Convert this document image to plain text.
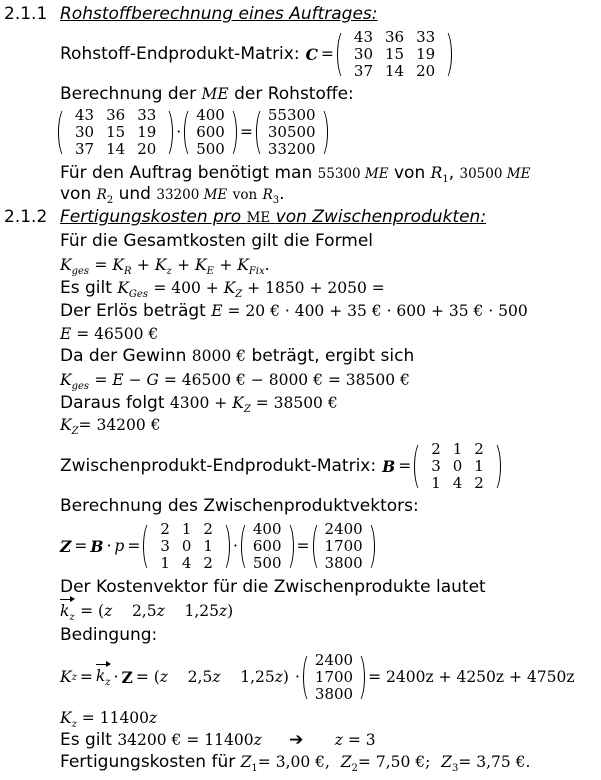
2.1.1 Rohstoffberechnung eines Auftrages:
Rohstoff-Endprodukt-Matrix: C =
43 36 33
30 15 19
37 14 20
Berechnung der ME der Rohstoffe:
43 36 33
30 15 19
37 14 20
·
400
600
500
=
55300
30500
33200
Für den Auftrag benötigt man 55300 ME von $R_1$, 30500 ME
von $R_2$ und 33200 ME von $R_3$.
2.1.2 Fertigungskosten pro ME von Zwischenprodukten:
Für die Gesamtkosten gilt die Formel
$K_{ges} = K_R + K_z + K_E + K_{Fix}$.
Es gilt $K_{Ges} = 400 + K_Z + 1850 + 2050$ =
Der Erlös beträgt E = 20 € · 400 + 35 € · 600 + 35 € · 500
E = 46500 €
Da der Gewinn 8000 € beträgt, ergibt sich
$K_{ges} = E - G = 46500$ € − 8000 € = 38500 €
Daraus folgt $4300 + K_Z = 38500$ €
$K_Z= 34200$ €
Zwischenprodukt-Endprodukt-Matrix: B =
2 1 2
3 0 1
1 4 2
Berechnung des Zwischenproduktvektors:
Z = B · p =
2 1 2
3 0 1
1 4 2
·
400
600
500
=
2400
1700
3800
Der Kostenvektor für die Zwischenprodukte lautet
$k_z = (z$    2,5z    1,25z)
Bedingung:
K $z = k_z \cdot Z = (z$    2,5z    1,25z) ·
2400
1700
3800
= 2400z + 4250z + 4750z
$K_z = 11400z$
Es gilt 34200 € = 11400z ➔ z = 3
Fertigungskosten für $Z_1= 3,00$ €, $Z_2= 7,50$ €; $Z_3= 3,75$ €.
